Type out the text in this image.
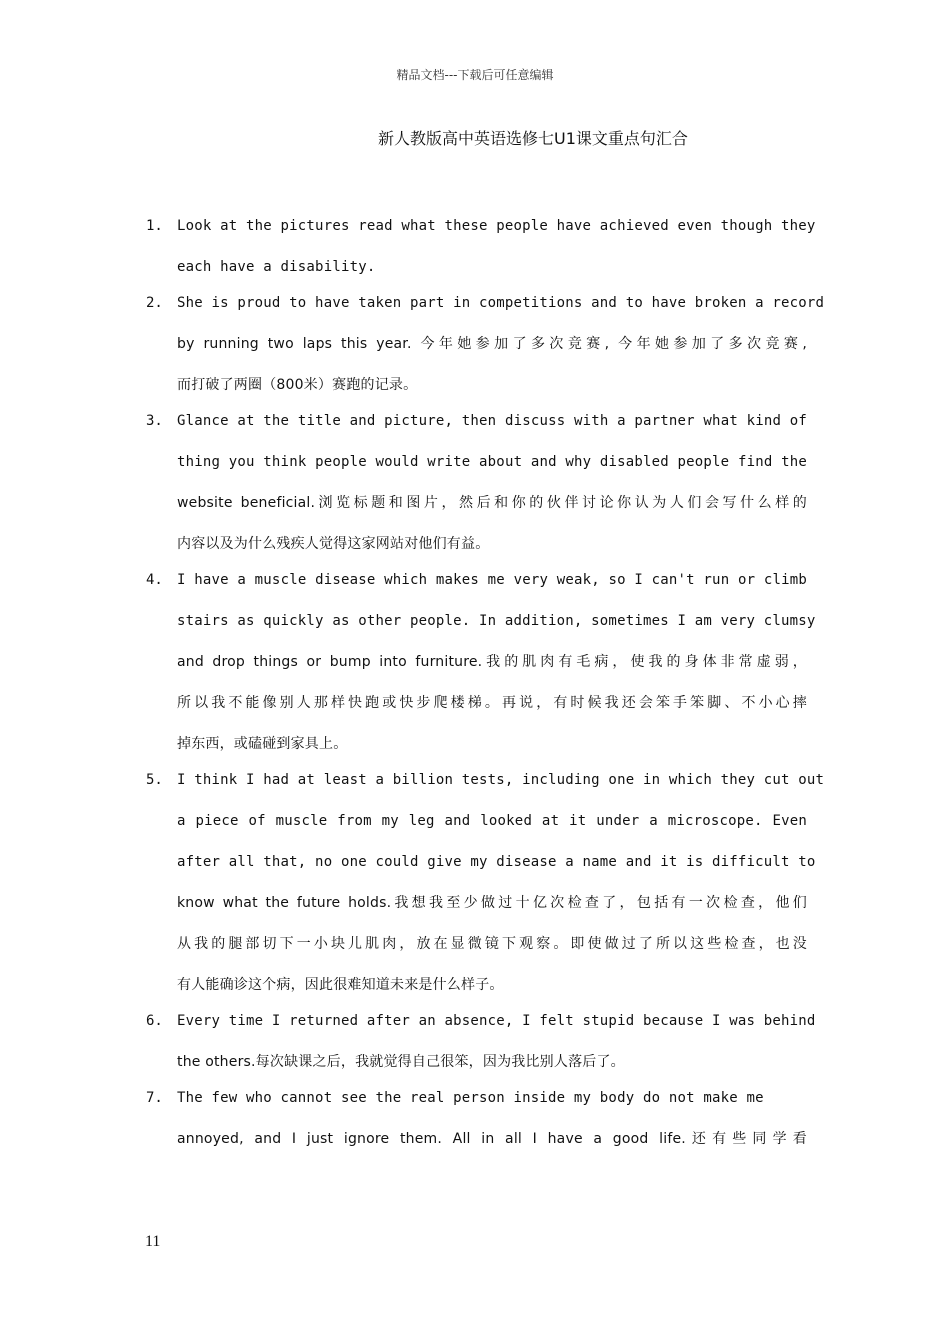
精品文档---下载后可任意编辑
新人教版高中英语选修七U1课文重点句汇合
1. Look at the pictures read what these people have achieved even though they
each have a disability.
2. She is proud to have taken part in competitions and to have broken a record
by running two laps this year. 今年她参加了多次竞赛, 今年她参加了多次竞赛,
而打破了两圈（800米）赛跑的记录。
3. Glance at the title and picture, then discuss with a partner what kind of
thing you think people would write about and why disabled people find the
website beneficial.浏览标题和图片，然后和你的伙伴讨论你认为人们会写什么样的
内容以及为什么残疾人觉得这家网站对他们有益。
4. I have a muscle disease which makes me very weak, so I can't run or climb
stairs as quickly as other people. In addition, sometimes I am very clumsy
and drop things or bump into furniture.我的肌肉有毛病，使我的身体非常虚弱，
所以我不能像别人那样快跑或快步爬楼梯。再说，有时候我还会笨手笨脚、不小心摔
掉东西，或磕碰到家具上。
5. I think I had at least a billion tests, including one in which they cut out
a piece of muscle from my leg and looked at it under a microscope. Even
after all that, no one could give my disease a name and it is difficult to
know what the future holds.我想我至少做过十亿次检查了，包括有一次检查，他们
从我的腿部切下一小块儿肌肉，放在显微镜下观察。即使做过了所以这些检查，也没
有人能确诊这个病，因此很难知道未来是什么样子。
6. Every time I returned after an absence, I felt stupid because I was behind
the others.每次缺课之后，我就觉得自己很笨，因为我比别人落后了。
7. The few who cannot see the real person inside my body do not make me
annoyed, and I just ignore them. All in all I have a good life.还有些同学看
11
